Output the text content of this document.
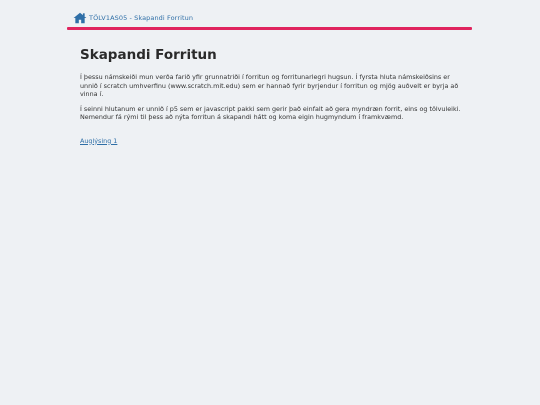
TÖLV1AS05 - Skapandi Forritun
Skapandi Forritun

Í þessu námskeiði mun verða farið yfir grunnatriði í forritun og forritunarlegri hugsun. Í fyrsta hluta námskeiðsins er unnið í scratch umhverfinu (www.scratch.mit.edu) sem er hannað fyrir byrjendur í forritun og mjög auðvelt er byrja að vinna í.

Í seinni hlutanum er unnið í p5 sem er javascript pakki sem gerir það einfalt að gera myndræn forrit, eins og tölvuleiki. Nemendur fá rými til þess að nýta forritun á skapandi hátt og koma eigin hugmyndum í framkvæmd.

Auglýsing 1
